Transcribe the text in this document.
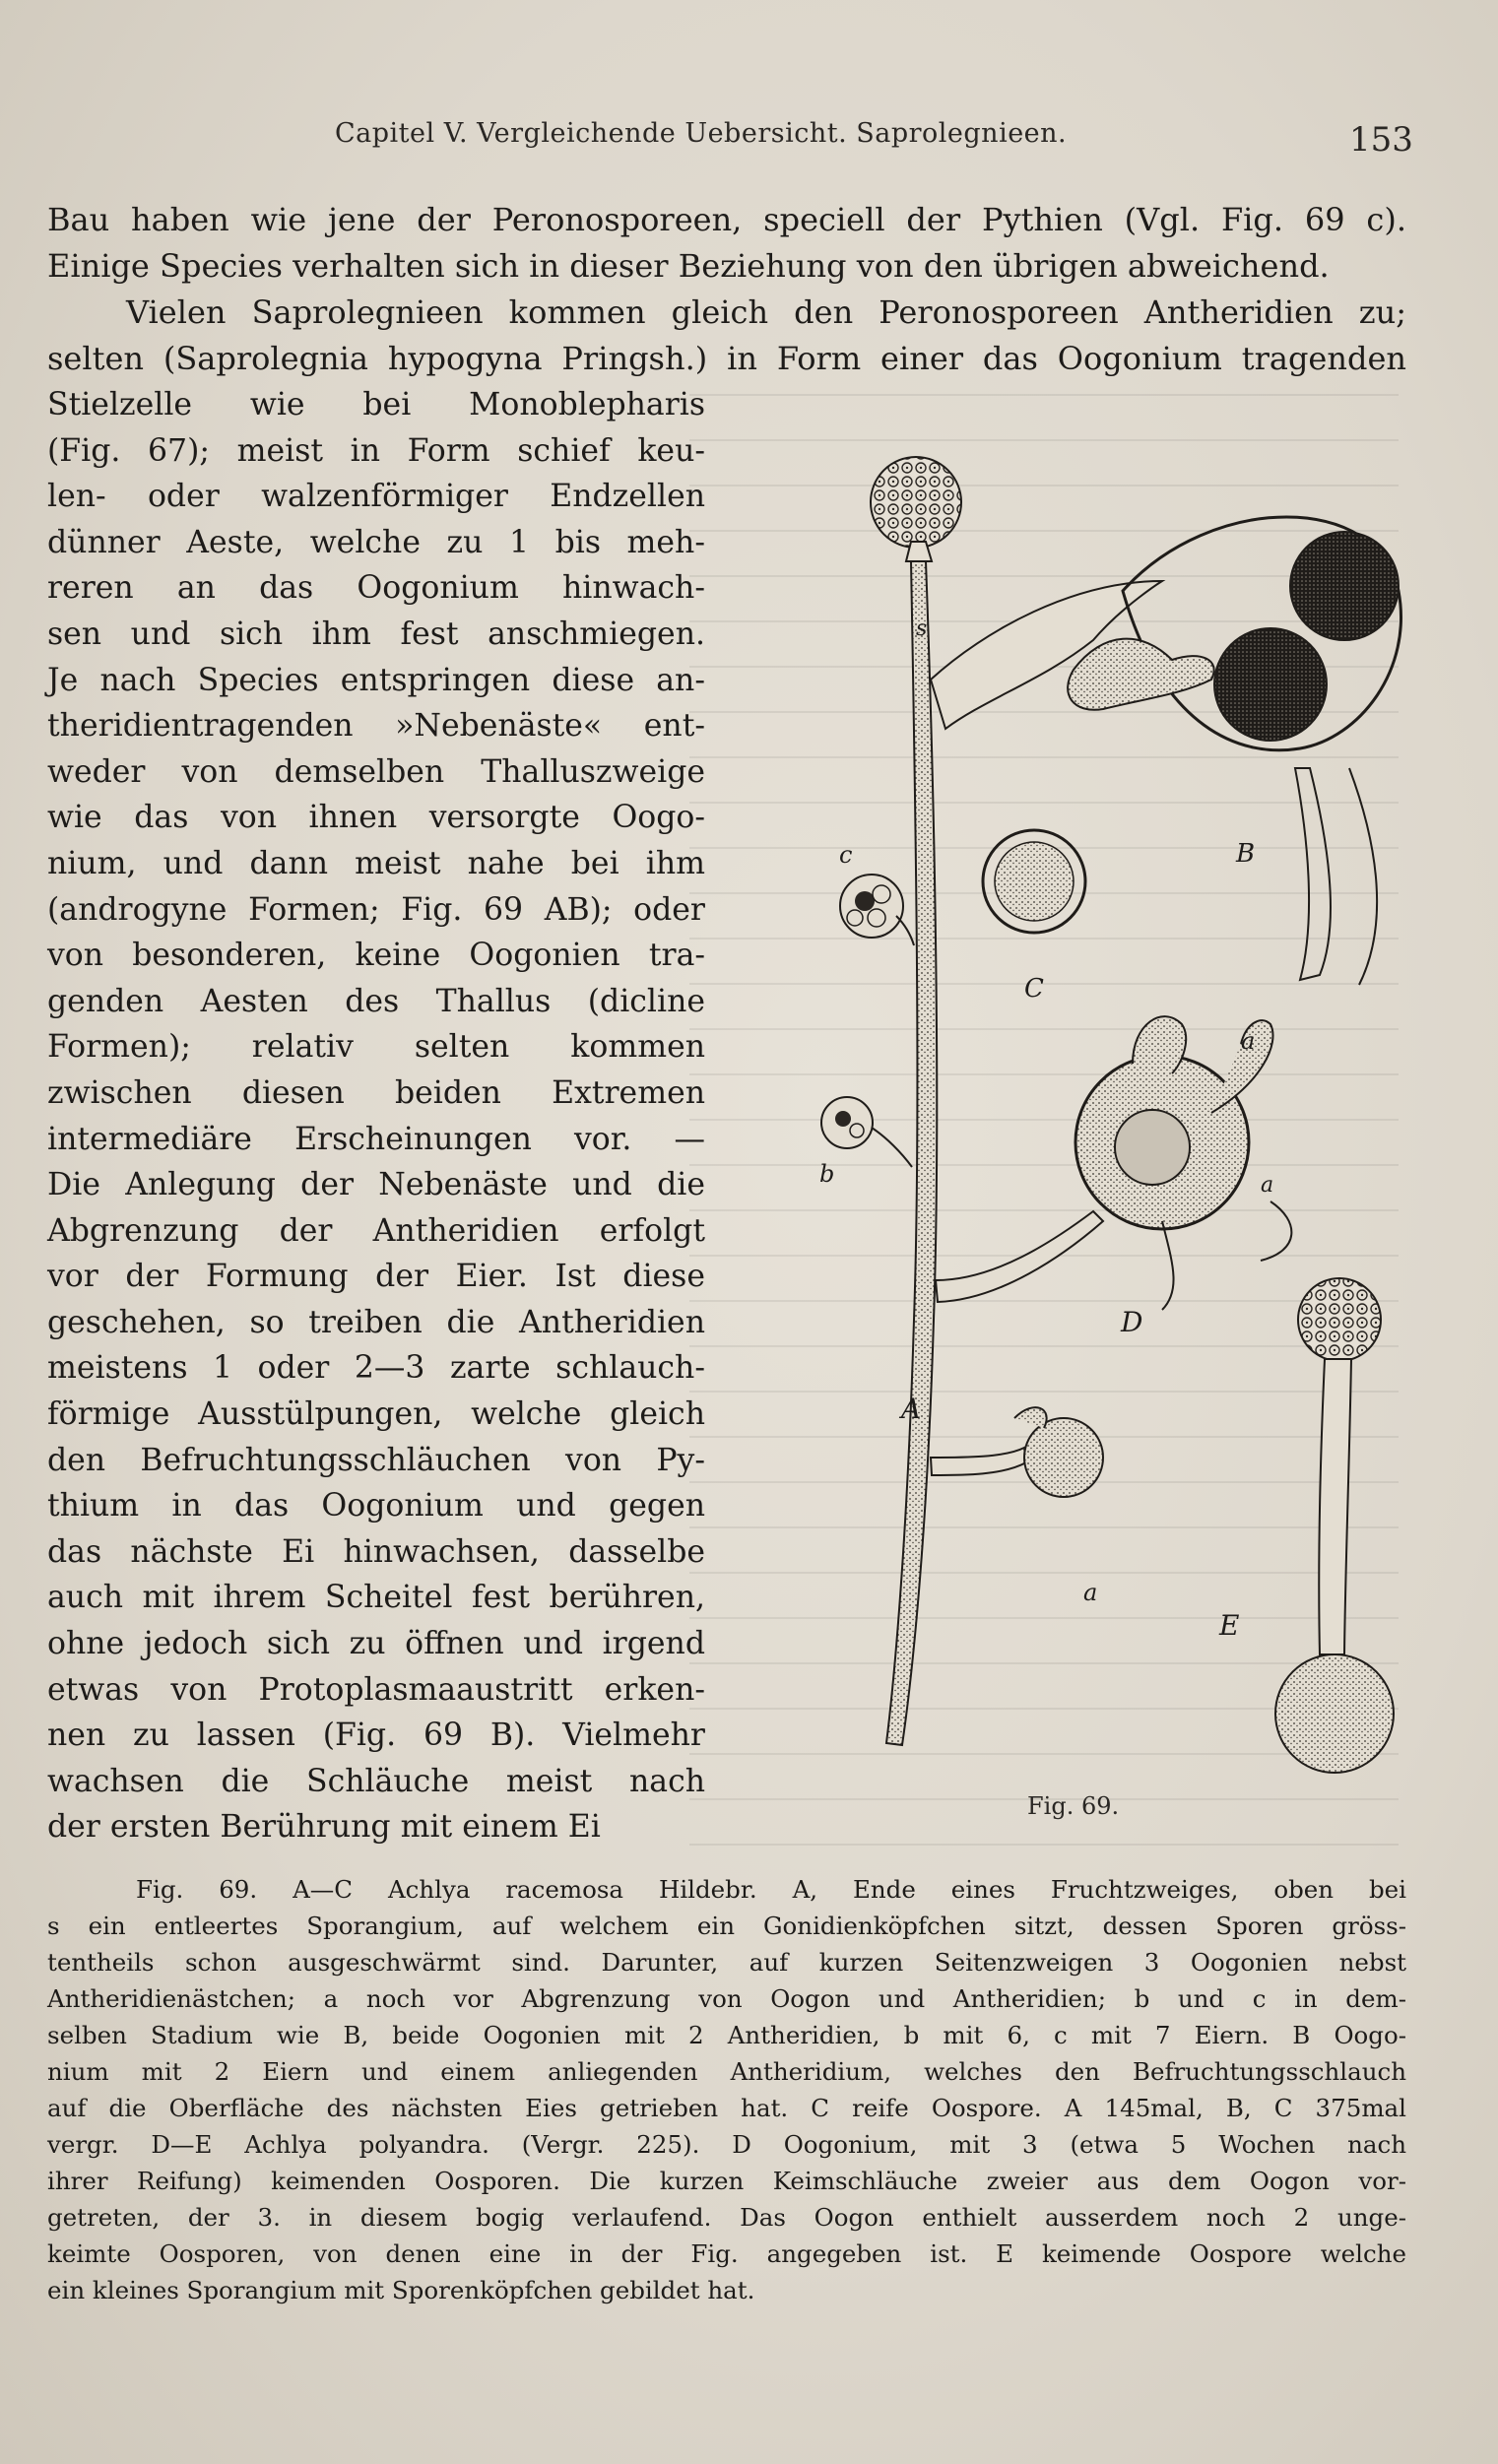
Capitel V. Vergleichende Uebersicht. Saprolegnieen.	153
Bau haben wie jene der Peronosporeen, speciell der Pythien (Vgl. Fig. 69 c).
Einige Species verhalten sich in dieser Beziehung von den übrigen abweichend.
Vielen Saprolegnieen kommen gleich den Peronosporeen Antheridien zu;
selten (Saprolegnia hypogyna Pringsh.) in Form einer das Oogonium tragenden
Stielzelle wie bei Monoblepharis
(Fig. 67); meist in Form schief keu-
len- oder walzenförmiger Endzellen
dünner Aeste, welche zu 1 bis meh-
reren an das Oogonium hinwach-
sen und sich ihm fest anschmiegen.
Je nach Species entspringen diese an-
theridientragenden »Nebenäste« ent-
weder von demselben Thalluszweige
wie das von ihnen versorgte Oogo-
nium, und dann meist nahe bei ihm
(androgyne Formen; Fig. 69 AB); oder
von besonderen, keine Oogonien tra-
genden Aesten des Thallus (dicline
Formen); relativ selten kommen
zwischen diesen beiden Extremen
intermediäre Erscheinungen vor. —
Die Anlegung der Nebenäste und die
Abgrenzung der Antheridien erfolgt
vor der Formung der Eier. Ist diese
geschehen, so treiben die Antheridien
meistens 1 oder 2—3 zarte schlauch-
förmige Ausstülpungen, welche gleich
den Befruchtungsschläuchen von Py-
thium in das Oogonium und gegen
das nächste Ei hinwachsen, dasselbe
auch mit ihrem Scheitel fest berühren,
ohne jedoch sich zu öffnen und irgend
etwas von Protoplasmaaustritt erken-
nen zu lassen (Fig. 69 B). Vielmehr
wachsen die Schläuche meist nach
der ersten Berührung mit einem Ei
s
B
c
C
a
a
b
D
A
a
E
Fig. 69.
Fig. 69. A—C Achlya racemosa Hildebr. A, Ende eines Fruchtzweiges, oben bei
s ein entleertes Sporangium, auf welchem ein Gonidienköpfchen sitzt, dessen Sporen gröss-
tentheils schon ausgeschwärmt sind. Darunter, auf kurzen Seitenzweigen 3 Oogonien nebst
Antheridienästchen; a noch vor Abgrenzung von Oogon und Antheridien; b und c in dem-
selben Stadium wie B, beide Oogonien mit 2 Antheridien, b mit 6, c mit 7 Eiern. B Oogo-
nium mit 2 Eiern und einem anliegenden Antheridium, welches den Befruchtungsschlauch
auf die Oberfläche des nächsten Eies getrieben hat. C reife Oospore. A 145mal, B, C 375mal
vergr. D—E Achlya polyandra. (Vergr. 225). D Oogonium, mit 3 (etwa 5 Wochen nach
ihrer Reifung) keimenden Oosporen. Die kurzen Keimschläuche zweier aus dem Oogon vor-
getreten, der 3. in diesem bogig verlaufend. Das Oogon enthielt ausserdem noch 2 unge-
keimte Oosporen, von denen eine in der Fig. angegeben ist. E keimende Oospore welche
ein kleines Sporangium mit Sporenköpfchen gebildet hat.
